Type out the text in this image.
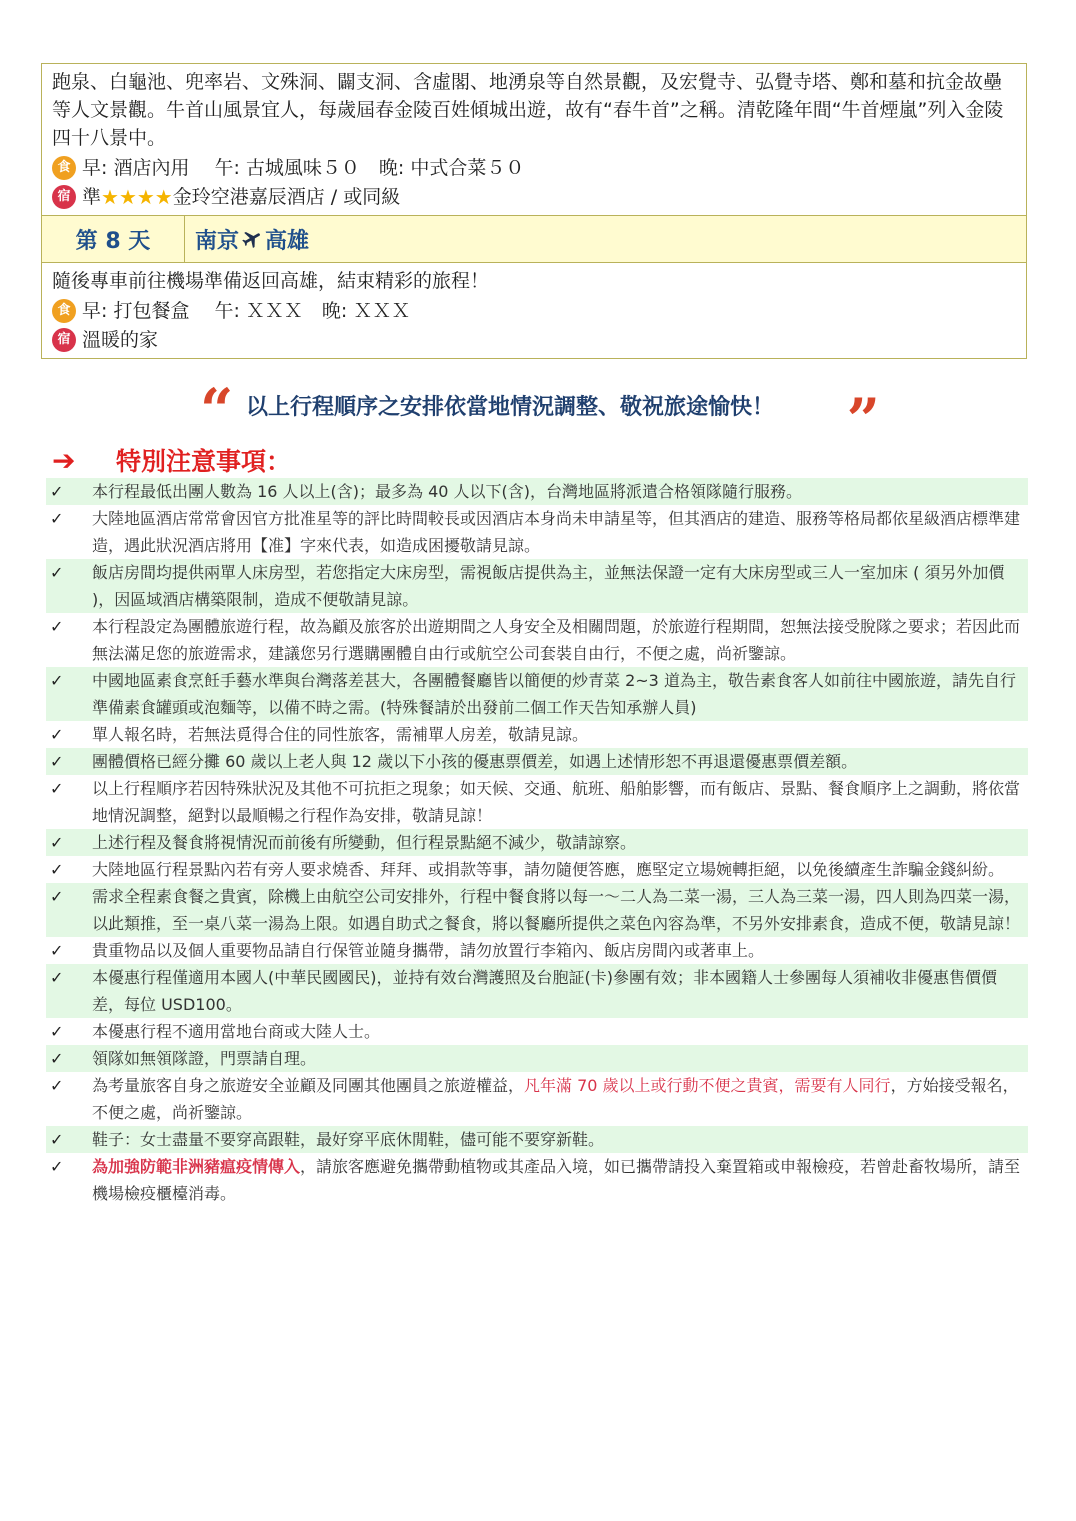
跑泉、白龜池、兜率岩、文殊洞、闢支洞、含虛閣、地湧泉等自然景觀，及宏覺寺、弘覺寺塔、鄭和墓和抗金故壘等人文景觀。牛首山風景宜人，每歲屆春金陵百姓傾城出遊，故有“春牛首”之稱。清乾隆年間“牛首煙嵐”列入金陵四十八景中。
食 早: 酒店內用　 午: 古城風味５０　晚: 中式合菜５０
宿 準 ★★★★ 金玲空港嘉辰酒店 / 或同級
第 8 天	南京 高雄
隨後專車前往機場準備返回高雄，結束精彩的旅程！
食 早: 打包餐盒　 午: ＸＸＸ　晚: ＸＸＸ
宿 溫暖的家
“ 以上行程順序之安排依當地情況調整、敬祝旅途愉快！ ”
➔	特別注意事項：
✓	本行程最低出團人數為 16 人以上(含)；最多為 40 人以下(含)，台灣地區將派遣合格領隊隨行服務。
✓	大陸地區酒店常常會因官方批准星等的評比時間較長或因酒店本身尚未申請星等，但其酒店的建造、服務等格局都依星級酒店標準建造，遇此狀況酒店將用【准】字來代表，如造成困擾敬請見諒。
✓	飯店房間均提供兩單人床房型，若您指定大床房型，需視飯店提供為主，並無法保證一定有大床房型或三人一室加床 ( 須另外加價 )，因區域酒店構築限制，造成不便敬請見諒。
✓	本行程設定為團體旅遊行程，故為顧及旅客於出遊期間之人身安全及相關問題，於旅遊行程期間，恕無法接受脫隊之要求；若因此而無法滿足您的旅遊需求，建議您另行選購團體自由行或航空公司套裝自由行，不便之處，尚祈鑒諒。
✓	中國地區素食烹飪手藝水準與台灣落差甚大，各團體餐廳皆以簡便的炒青菜 2~3 道為主，敬告素食客人如前往中國旅遊，請先自行準備素食罐頭或泡麵等，以備不時之需。(特殊餐請於出發前二個工作天告知承辦人員)
✓	單人報名時，若無法覓得合住的同性旅客，需補單人房差，敬請見諒。
✓	團體價格已經分攤 60 歲以上老人與 12 歲以下小孩的優惠票價差，如遇上述情形恕不再退還優惠票價差額。
✓	以上行程順序若因特殊狀況及其他不可抗拒之現象；如天候、交通、航班、船舶影響，而有飯店、景點、餐食順序上之調動，將依當地情況調整，絕對以最順暢之行程作為安排，敬請見諒！
✓	上述行程及餐食將視情況而前後有所變動，但行程景點絕不減少，敬請諒察。
✓	大陸地區行程景點內若有旁人要求燒香、拜拜、或捐款等事，請勿隨便答應，應堅定立場婉轉拒絕，以免後續產生詐騙金錢糾紛。
✓	需求全程素食餐之貴賓，除機上由航空公司安排外，行程中餐食將以每一～二人為二菜一湯，三人為三菜一湯，四人則為四菜一湯，以此類推，至一桌八菜一湯為上限。如遇自助式之餐食，將以餐廳所提供之菜色內容為準，不另外安排素食，造成不便，敬請見諒！
✓	貴重物品以及個人重要物品請自行保管並隨身攜帶，請勿放置行李箱內、飯店房間內或著車上。
✓	本優惠行程僅適用本國人(中華民國國民)，並持有效台灣護照及台胞証(卡)參團有效；非本國籍人士參團每人須補收非優惠售價價差，每位 USD100。
✓	本優惠行程不適用當地台商或大陸人士。
✓	領隊如無領隊證，門票請自理。
✓	為考量旅客自身之旅遊安全並顧及同團其他團員之旅遊權益，凡年滿 70 歲以上或行動不便之貴賓，需要有人同行，方始接受報名，不便之處，尚祈鑒諒。
✓	鞋子：女士盡量不要穿高跟鞋，最好穿平底休閒鞋，儘可能不要穿新鞋。
✓	為加強防範非洲豬瘟疫情傳入，請旅客應避免攜帶動植物或其產品入境，如已攜帶請投入棄置箱或申報檢疫，若曾赴畜牧場所，請至機場檢疫櫃檯消毒。
